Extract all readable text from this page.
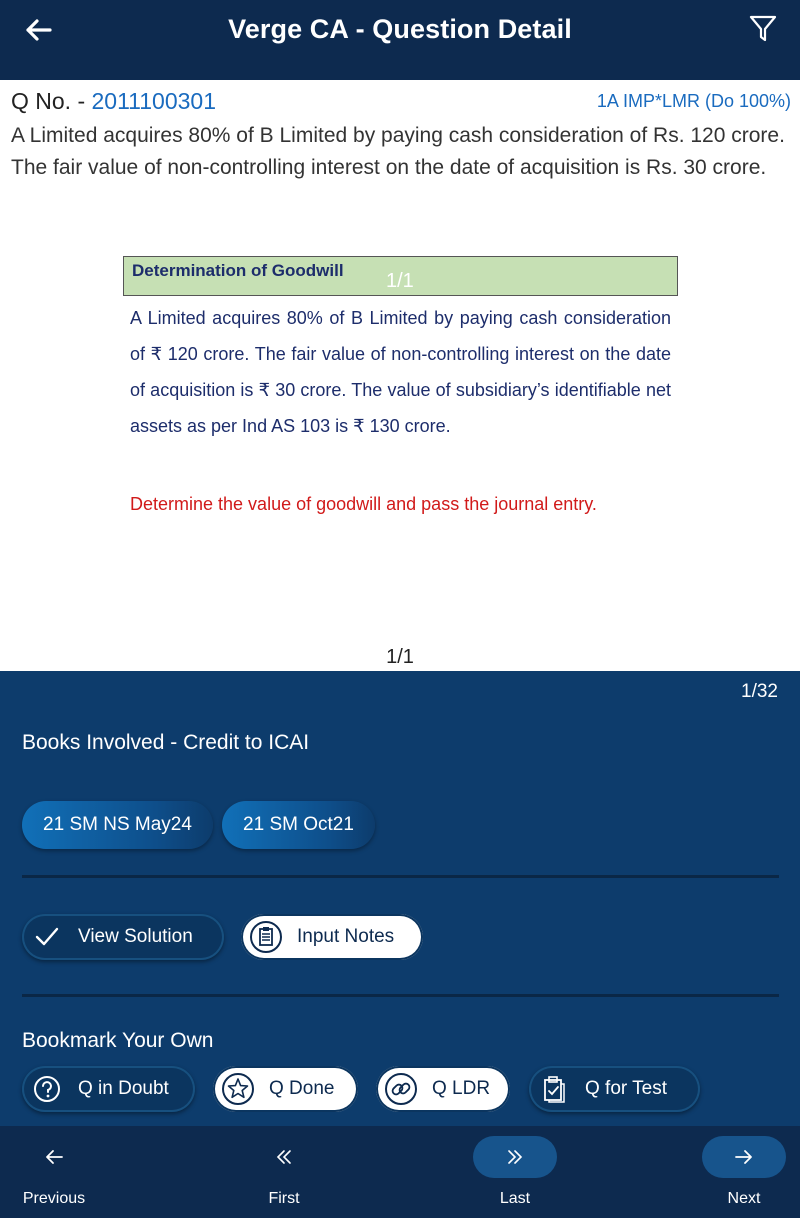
Verge CA - Question Detail
Q No. - 2011100301	1A IMP*LMR (Do 100%)
A Limited acquires 80% of B Limited by paying cash consideration of Rs. 120 crore. The fair value of non-controlling interest on the date of acquisition is Rs. 30 crore.
Determination of Goodwill 1/1
A Limited acquires 80% of B Limited by paying cash consideration of ₹ 120 crore. The fair value of non-controlling interest on the date of acquisition is ₹ 30 crore. The value of subsidiary’s identifiable net assets as per Ind AS 103 is ₹ 130 crore.
Determine the value of goodwill and pass the journal entry.
1/1
1/32
Books Involved - Credit to ICAI
21 SM NS May24	21 SM Oct21
View Solution	Input Notes
Bookmark Your Own
Q in Doubt	Q Done	Q LDR	Q for Test
Previous	First	Last	Next
